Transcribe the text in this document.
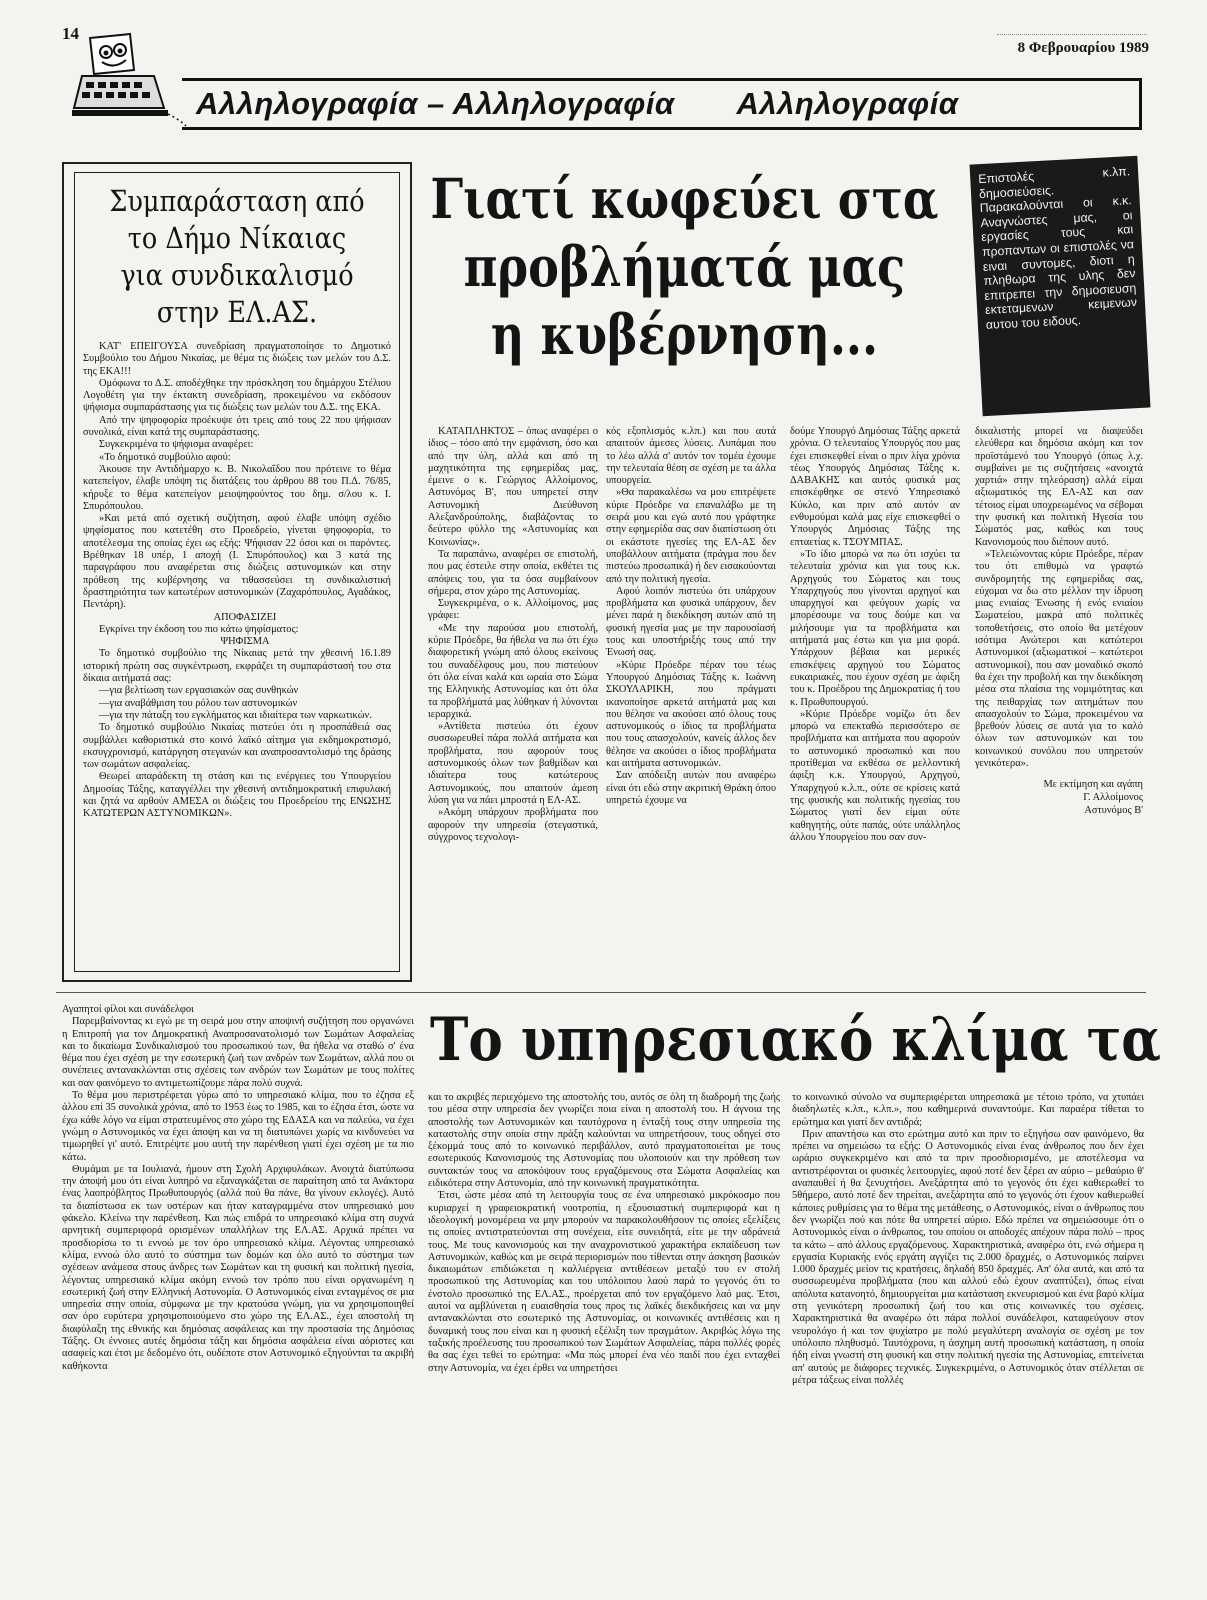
14
8 Φεβρουαρίου 1989
Αλληλογραφία – Αλληλογραφία Αλληλογραφία
Συμπαράσταση από
το Δήμο Νίκαιας
για συνδικαλισμό
στην ΕΛ.ΑΣ.

ΚΑΤ' ΕΠΕΙΓΟΥΣΑ συνεδρίαση πραγματοποίησε το Δημοτικό Συμβούλιο του Δήμου Νικαίας, με θέμα τις διώξεις των μελών του Δ.Σ. της ΕΚΑ!!!

Ομόφωνα το Δ.Σ. αποδέχθηκε την πρόσκληση του δημάρχου Στέλιου Λογοθέτη για την έκτακτη συνεδρίαση, προκειμένου να εκδόσουν ψήφισμα συμπαράστασης για τις διώξεις των μελών του Δ.Σ. της ΕΚΑ.

Από την ψηφοφορία προέκυψε ότι τρεις από τους 22 που ψήφισαν συνολικά, είναι κατά της συμπαράστασης.

Συγκεκριμένα το ψήφισμα αναφέρει:

«Το δημοτικό συμβούλιο αφού:

Άκουσε την Αντιδήμαρχο κ. Β. Νικολαΐδου που πρότεινε το θέμα κατεπείγον, έλαβε υπόψη τις διατάξεις του άρθρου 88 του Π.Δ. 76/85, κήρυξε το θέμα κατεπείγον μειοψηφούντος του δημ. σ/λου κ. Ι. Σπυρόπουλου.

»Και μετά από σχετική συζήτηση, αφού έλαβε υπόψη σχέδιο ψηφίσματος που κατετέθη στο Προεδρείο, γίνεται ψηφοφορία, το αποτέλεσμα της οποίας έχει ως εξής: Ψήφισαν 22 όσοι και οι παρόντες. Βρέθηκαν 18 υπέρ, 1 αποχή (Ι. Σπυρόπουλος) και 3 κατά της παραγράφου που αναφέρεται στις διώξεις αστυνομικών και στην πρόθεση της κυβέρνησης να τιθασσεύσει τη συνδικαλιστική δραστηριότητα των κατωτέρων αστυνομικών (Ζαχαρόπουλος, Αγαδάκος, Πεντάρη).

ΑΠΟΦΑΣΙΖΕΙ

Εγκρίνει την έκδοση του πιο κάτω ψηφίσματος:

ΨΗΦΙΣΜΑ

Το δημοτικό συμβούλιο της Νίκαιας μετά την χθεσινή 16.1.89 ιστορική πρώτη σας συγκέντρωση, εκφράζει τη συμπαράστασή του στα δίκαια αιτήματά σας:

—για βελτίωση των εργασιακών σας συνθηκών

—για αναβάθμιση του ρόλου των αστυνομικών

—για την πάταξη του εγκλήματος και ιδιαίτερα των ναρκωτικών.

Το δημοτικό συμβούλιο Νικαίας πιστεύει ότι η προσπάθειά σας συμβάλλει καθοριστικά στο κοινό λαϊκό αίτημα για εκδημοκρατισμό, εκσυγχρονισμό, κατάργηση στεγανών και αναπροσαντολισμό της δράσης των σωμάτων ασφαλείας.

Θεωρεί απαράδεκτη τη στάση και τις ενέργειες του Υπουργείου Δημοσίας Τάξης, καταγγέλλει την χθεσινή αντιδημοκρατική επιφυλακή και ζητά να αρθούν ΑΜΕΣΑ οι διώξεις του Προεδρείου της ΕΝΩΣΗΣ ΚΑΤΩΤΕΡΩΝ ΑΣΤΥΝΟΜΙΚΩΝ».

Γιατί κωφεύει στα
προβλήματά μας
η κυβέρνηση...
Επιστολές κ.λπ. δημοσιεύσεις. Παρακαλούνται οι κ.κ. Αναγνώστες μας, οι εργασίες τους και προπαντων οι επιστολές να ειναι συντομες, διοτι η πληθωρα της υλης δεν επιτρεπει την δημοσιευση εκτεταμενων κειμενων αυτου του ειδους.

ΚΑΤΑΠΛΗΚΤΟΣ – όπως αναφέρει ο ίδιος – τόσο από την εμφάνιση, όσο και από την ύλη, αλλά και από τη μαχητικότητα της εφημερίδας μας, έμεινε ο κ. Γεώργιος Αλλοίμονος, Αστυνόμος Β', που υπηρετεί στην Αστυνομική Διεύθυνση Αλεξανδρούπολης, διαβάζοντας το δεύτερο φύλλο της «Αστυνομίας και Κοινωνίας».

Τα παραπάνω, αναφέρει σε επιστολή, που μας έστειλε στην οποία, εκθέτει τις απόψεις του, για τα όσα συμβαίνουν σήμερα, στον χώρο της Αστυνομίας.

Συγκεκριμένα, ο κ. Αλλοίμονος, μας γράφει:

«Με την παρούσα μου επιστολή, κύριε Πρόεδρε, θα ήθελα να πω ότι έχω διαφορετική γνώμη από όλους εκείνους του συναδέλφους μου, που πιστεύουν ότι όλα είναι καλά και ωραία στο Σώμα της Ελληνικής Αστυνομίας και ότι όλα τα προβλήματά μας λύθηκαν ή λύνονται ιεραρχικά.

»Αντίθετα πιστεύω ότι έχουν συσσωρευθεί πάρα πολλά αιτήματα και προβλήματα, που αφορούν τους αστυνομικούς όλων των βαθμίδων και ιδιαίτερα τους κατώτερους Αστυνομικούς, που απαιτούν άμεση λύση για να πάει μπροστά η ΕΛ-ΑΣ.

»Ακόμη υπάρχουν προβλήματα που αφορούν την υπηρεσία (στεγαστικά, σύγχρονος τεχνολογι-

κός εξοπλισμός κ.λπ.) και που αυτά απαιτούν άμεσες λύσεις. Λυπάμαι που το λέω αλλά σ' αυτόν τον τομέα έχουμε την τελευταία θέση σε σχέση με τα άλλα υπουργεία.

»Θα παρακαλέσω να μου επιτρέψετε κύριε Πρόεδρε να επαναλάβω με τη σειρά μου και εγώ αυτό που γράφτηκε στην εφημερίδα σας σαν διαπίστωση ότι οι εκάστοτε ηγεσίες της ΕΛ-ΑΣ δεν υποβάλλουν αιτήματα (πράγμα που δεν πιστεύω προσωπικά) ή δεν εισακούονται από την πολιτική ηγεσία.

Αφού λοιπόν πιστεύω ότι υπάρχουν προβλήματα και φυσικά υπάρχουν, δεν μένει παρά η διεκδίκηση αυτών από τη φυσική ηγεσία μας με την παρουσίασή τους και υποστήριξής τους από την Ένωσή σας.

»Κύριε Πρόεδρε πέραν του τέως Υπουργού Δημόσιας Τάξης κ. Ιωάννη ΣΚΟΥΛΑΡΙΚΗ, που πράγματι ικανοποίησε αρκετά αιτήματά μας και που θέλησε να ακούσει από όλους τους αστυνομικούς ο ίδιος τα προβλήματα που τους απασχολούν, κανείς άλλος δεν θέλησε να ακούσει ο ίδιος προβλήματα και αιτήματα αστυνομικών.

Σαν απόδειξη αυτών που αναφέρω είναι ότι εδώ στην ακριτική Θράκη όπου υπηρετώ έχουμε να

δούμε Υπουργό Δημόσιας Τάξης αρκετά χρόνια. Ο τελευταίος Υπουργός που μας έχει επισκεφθεί είναι ο πριν λίγα χρόνια τέως Υπουργός Δημόσιας Τάξης κ. ΔΑΒΑΚΗΣ και αυτός φυσικά μας επισκέφθηκε σε στενό Υπηρεσιακό Κύκλο, και πριν από αυτόν αν ενθυμούμαι καλά μας είχε επισκεφθεί ο Υπουργός Δημόσιας Τάξης της επταετίας κ. ΤΣΟΥΜΠΑΣ.

»Το ίδιο μπορώ να πω ότι ισχύει τα τελευταία χρόνια και για τους κ.κ. Αρχηγούς του Σώματος και τους Υπαρχηγούς που γίνονται αρχηγοί και υπαρχηγοί και φεύγουν χωρίς να μπορέσουμε να τους δούμε και να μιλήσουμε για τα προβλήματα και αιτήματά μας έστω και για μια φορά. Υπάρχουν βέβαια και μερικές επισκέψεις αρχηγού του Σώματος ευκαιριακές, που έχουν σχέση με άφιξη του κ. Προέδρου της Δημοκρατίας ή του κ. Πρωθυπουργού.

»Κύριε Πρόεδρε νομίζω ότι δεν μπορώ να επεκταθώ περισσότερο σε προβλήματα και αιτήματα που αφορούν το αστυνομικό προσωπικό και που προτίθεμαι να εκθέσω σε μελλοντική άφιξη κ.κ. Υπουργού, Αρχηγού, Υπαρχηγού κ.λ.π., ούτε σε κρίσεις κατά της φυσικής και πολιτικής ηγεσίας του Σώματος γιατί δεν είμαι ούτε καθηγητής, ούτε παπάς, ούτε υπάλληλος άλλου Υπουργείου που σαν συν-

δικαλιστής μπορεί να διαψεύδει ελεύθερα και δημόσια ακόμη και τον προϊστάμενό του Υπουργό (όπως λ.χ. συμβαίνει με τις συζητήσεις «ανοιχτά χαρτιά» στην τηλεόραση) αλλά είμαι αξιωματικός της ΕΛ-ΑΣ και σαν τέτοιος είμαι υποχρεωμένος να σέβομαι την φυσική και πολιτική Ηγεσία του Σώματός μας, καθώς και τους Κανονισμούς που διέπουν αυτό.

»Τελειώνοντας κύριε Πρόεδρε, πέραν του ότι επιθυμώ να γραφτώ συνδρομητής της εφημερίδας σας, εύχομαι να δω στο μέλλον την ίδρυση μιας ενιαίας Ένωσης ή ενός ενιαίου Σωματείου, μακρά από πολιτικές τοποθετήσεις, στο οποίο θα μετέχουν ισότιμα Ανώτεροι και κατώτεροι Αστυνομικοί (αξιωματικοί – κατώτεροι αστυνομικοί), που σαν μοναδικό σκοπό θα έχει την προβολή και την διεκδίκηση μέσα στα πλαίσια της νομιμότητας και της πειθαρχίας των αιτημάτων που απασχολούν το Σώμα, προκειμένου να βρεθούν λύσεις σε αυτά για το καλό όλων των αστυνομικών και του κοινωνικού συνόλου που υπηρετούν γενικότερα».

Με εκτίμηση και αγάπη
Γ. Αλλοίμονος
Αστυνόμος Β'
Το υπηρεσιακό κλίμα τα

Αγαπητοί φίλοι και συνάδελφοι

Παρεμβαίνοντας κι εγώ με τη σειρά μου στην αποψινή συζήτηση που οργανώνει η Επιτροπή για τον Δημοκρατική Αναπροσανατολισμό των Σωμάτων Ασφαλείας και το δικαίωμα Συνδικαλισμού του προσωπικού των, θα ήθελα να σταθώ σ' ένα θέμα που έχει σχέση με την εσωτερική ζωή των ανδρών των Σωμάτων, αλλά που οι συνέπειες αντανακλώνται στις σχέσεις των ανδρών των Σωμάτων με τους πολίτες και σαν φαινόμενο το αντιμετωπίζουμε πάρα πολύ συχνά.

Το θέμα μου περιστρέφεται γύρω από το υπηρεσιακό κλίμα, που το έζησα εξ άλλου επί 35 συνολικά χρόνια, από το 1953 έως το 1985, και το έζησα έτσι, ώστε να έχω κάθε λόγο να είμαι στρατευμένος στο χώρο της ΕΔΑΣΑ και να παλεύω, να έχει γνώμη ο Αστυνομικός να έχει άποψη και να τη διατυπώνει χωρίς να κινδυνεύει να τιμωρηθεί γι' αυτό. Επιτρέψτε μου αυτή την παρένθεση γιατί έχει σχέση με τα πιο κάτω.

Θυμάμαι με τα Ιουλιανά, ήμουν στη Σχολή Αρχιφυλάκων. Ανοιχτά διατύπωσα την άποψή μου ότι είναι λυπηρό να εξαναγκάζεται σε παραίτηση από τα Ανάκτορα ένας λαοπρόβλητος Πρωθυπουργός (αλλά πού θα πάνε, θα γίνουν εκλογές). Αυτό τα διαπίστωσα εκ των υστέρων και ήταν καταγραμμένα στον υπηρεσιακό μου φάκελο. Κλείνω την παρένθεση. Και πώς επιδρά το υπηρεσιακό κλίμα στη συχνά αρνητική συμπεριφορά ορισμένων υπαλλήλων της ΕΛ.ΑΣ. Αρχικά πρέπει να προσδιορίσω το τι εννοώ με τον όρο υπηρεσιακό κλίμα. Λέγοντας υπηρεσιακό κλίμα, εννοώ όλο αυτό το σύστημα των δομών και όλο αυτό το σύστημα των σχέσεων ανάμεσα στους άνδρες των Σωμάτων και τη φυσική και πολιτική ηγεσία, λέγοντας υπηρεσιακό κλίμα ακόμη εννοώ τον τρόπο που είναι οργανωμένη η εσωτερική ζωή στην Ελληνική Αστυνομία. Ο Αστυνομικός είναι ενταγμένος σε μια υπηρεσία στην οποία, σύμφωνα με την κρατούσα γνώμη, για να χρησιμοποιηθεί σαν όρο ευρύτερα χρησιμοποιούμενο στο χώρο της ΕΛ.ΑΣ., έχει αποστολή τη διαφύλαξη της εθνικής και δημόσιας ασφάλειας και την προστασία της Δημόσιας Τάξης. Οι έννοιες αυτές δημόσια τάξη και δημόσια ασφάλεια είναι αόριστες και ασαφείς και έτσι με δεδομένο ότι, ουδέποτε στον Αστυνομικό εξηγούνται τα ακριβή καθήκοντα

και το ακριβές περιεχόμενο της αποστολής του, αυτός σε όλη τη διαδρομή της ζωής του μέσα στην υπηρεσία δεν γνωρίζει ποια είναι η αποστολή του. Η άγνοια της αποστολής των Αστυνομικών και ταυτόχρονα η ένταξή τους στην υπηρεσία της καταστολής στην οποία στην πράξη καλούνται να υπηρετήσουν, τους οδηγεί στο ξέκομμά τους από το κοινωνικό περιβάλλον, αυτό πραγματοποιείται με τους εσωτερικούς Κανονισμούς της Αστυνομίας που υλοποιούν και την πρόθεση των συντακτών τους να αποκόψουν τους εργαζόμενους στα Σώματα Ασφαλείας και ειδικότερα στην Αστυνομία, από την κοινωνική πραγματικότητα.

Έτσι, ώστε μέσα από τη λειτουργία τους σε ένα υπηρεσιακό μικρόκοσμο που κυριαρχεί η γραφειοκρατική νοοτροπία, η εξουσιαστική συμπεριφορά και η ιδεολογική μονομέρεια να μην μπορούν να παρακολουθήσουν τις οποίες εξελίξεις τις οποίες αντιστρατεύονται στη συνέχεια, είτε συνειδητά, είτε με την αδράνειά τους. Με τους κανονισμούς και την αναχρονιστικού χαρακτήρα εκπαίδευση των Αστυνομικών, καθώς και με σειρά περιορισμών που τίθενται στην άσκηση βασικών δικαιωμάτων επιδιώκεται η καλλιέργεια αντιθέσεων μεταξύ του εν στολή προσωπικού της Αστυνομίας και του υπόλοιπου λαού παρά το γεγονός ότι το ένστολο προσωπικό της ΕΛ.ΑΣ., προέρχεται από τον εργαζόμενο λαό μας. Έτσι, αυτοί να αμβλύνεται η ευαισθησία τους προς τις λαϊκές διεκδικήσεις και να μην αντανακλώνται στο εσωτερικό της Αστυνομίας, οι κοινωνικές αντιθέσεις και η δυναμική τους που είναι και η φυσική εξέλιξη των πραγμάτων. Ακριβώς λόγω της ταξικής προέλευσης του προσωπικού των Σωμάτων Ασφαλείας, πάρα πολλές φορές θα σας έχει τεθεί το ερώτημα: «Μα πώς μπορεί ένα νέο παιδί που έχει ενταχθεί στην Αστυνομία, να έχει έρθει να υπηρετήσει

το κοινωνικό σύνολο να συμπεριφέρεται υπηρεσιακά με τέτοιο τρόπο, να χτυπάει διαδηλωτές κ.λπ., κ.λπ.», που καθημερινά συναντούμε. Και παραέρα τίθεται το ερώτημα και γιατί δεν αντιδρά;

Πριν απαντήσω και στο ερώτημα αυτό και πριν το εξηγήσω σαν φαινόμενο, θα πρέπει να σημειώσω τα εξής: Ο Αστυνομικός είναι ένας άνθρωπος που δεν έχει ωράριο συγκεκριμένο και από τα πριν προσδιορισμένο, με αποτέλεσμα να αντιστρέφονται οι φυσικές λειτουργίες, αφού ποτέ δεν ξέρει αν αύριο – μεθαύριο θ' αναπαυθεί ή θα ξενυχτήσει. Ανεξάρτητα από το γεγονός ότι έχει καθιερωθεί το 5θήμερο, αυτό ποτέ δεν τηρείται, ανεξάρτητα από το γεγονός ότι έχουν καθιερωθεί κάποιες ρυθμίσεις για το θέμα της μετάθεσης, ο Αστυνομικός, είναι ο άνθρωπος που δεν γνωρίζει πού και πότε θα υπηρετεί αύριο. Εδώ πρέπει να σημειώσουμε ότι ο Αστυνομικός είναι ο άνθρωπος, του οποίου οι αποδοχές απέχουν πάρα πολύ – προς τα κάτω – από άλλους εργαζόμενους. Χαρακτηριστικά, αναφέρω ότι, ενώ σήμερα η εργασία Κυριακής ενός εργάτη αγγίζει τις 2.000 δραχμές, ο Αστυνομικός παίρνει 1.000 δραχμές μείον τις κρατήσεις, δηλαδή 850 δραχμές. Απ' όλα αυτά, και από τα συσσωρευμένα προβλήματα (που και αλλού εδώ έχουν αναπτύξει), όπως είναι απόλυτα κατανοητό, δημιουργείται μια κατάσταση εκνευρισμού και ένα βαρύ κλίμα στη γενικότερη προσωπική ζωή του και στις κοινωνικές του σχέσεις. Χαρακτηριστικά θα αναφέρω ότι πάρα πολλοί συνάδελφοι, καταφεύγουν στον νευρολόγο ή και τον ψυχίατρο με πολύ μεγαλύτερη αναλογία σε σχέση με τον υπόλοιπο πληθυσμό. Ταυτόχρονα, η άσχημη αυτή προσωπική κατάσταση, η οποία ήδη είναι γνωστή στη φυσική και στην πολιτική ηγεσία της Αστυνομίας, επιτείνεται απ' αυτούς με διάφορες τεχνικές. Συγκεκριμένα, ο Αστυνομικός όταν στέλλεται σε μέτρα τάξεως είναι πολλές
